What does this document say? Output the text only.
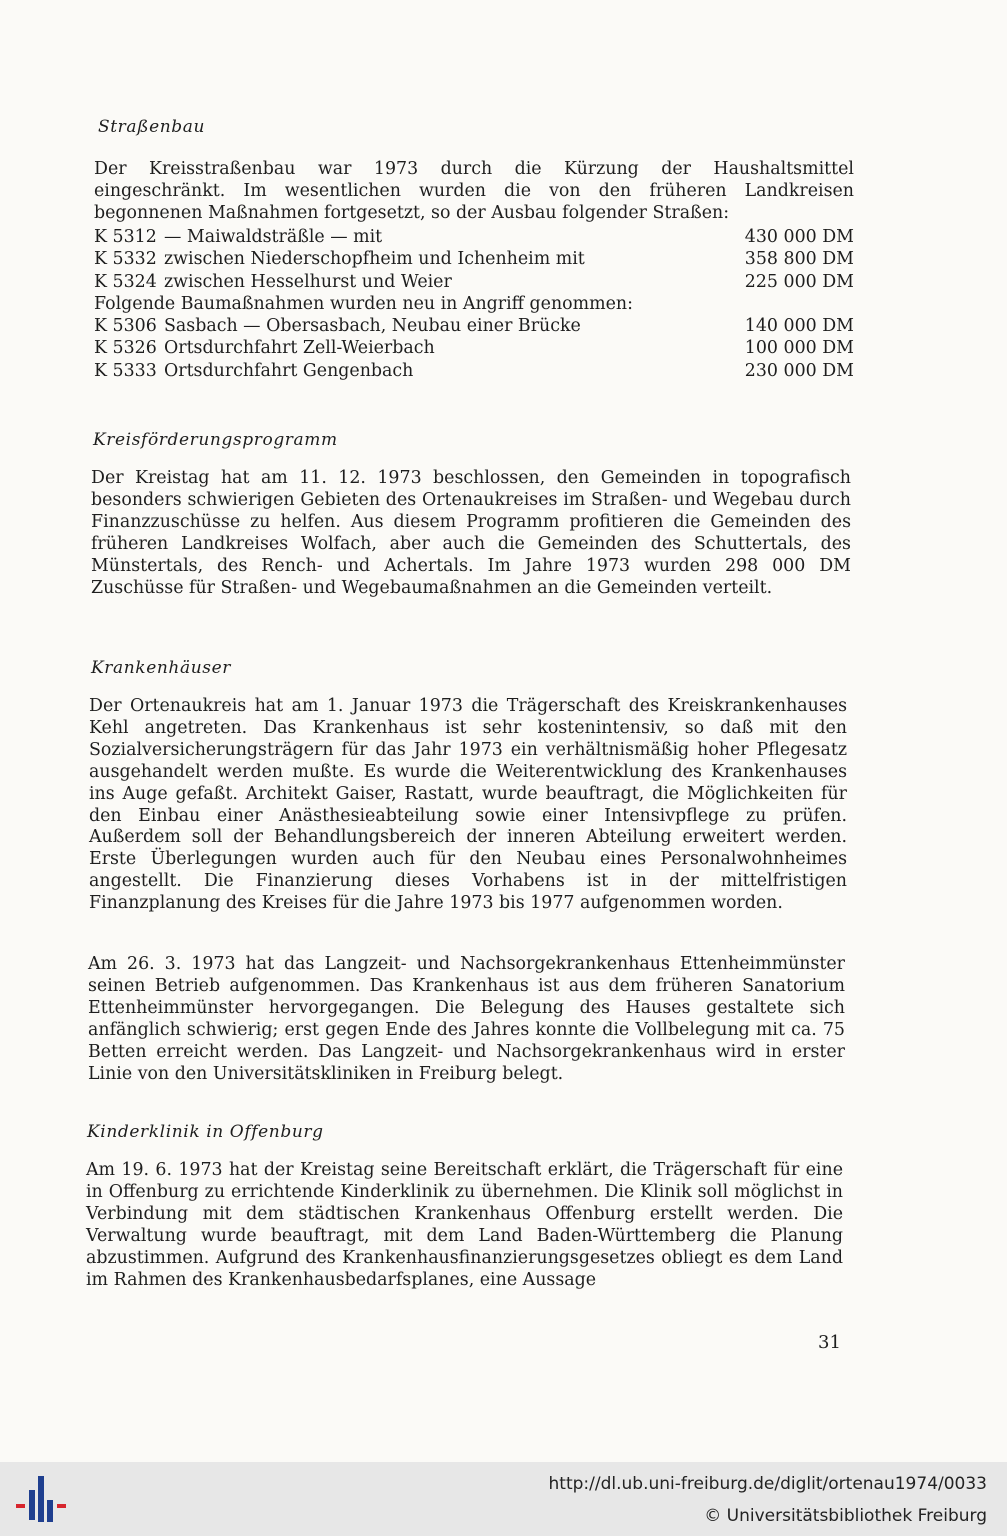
Straßenbau

Der Kreisstraßenbau war 1973 durch die Kürzung der Haushaltsmittel eingeschränkt. Im wesentlichen wurden die von den früheren Landkreisen begonnenen Maßnahmen fortgesetzt, so der Ausbau folgender Straßen:

K 5312 — Maiwaldsträßle — mit	430 000 DM
K 5332 zwischen Niederschopfheim und Ichenheim mit	358 800 DM
K 5324 zwischen Hesselhurst und Weier	225 000 DM
Folgende Baumaßnahmen wurden neu in Angriff genommen:
K 5306 Sasbach — Obersasbach, Neubau einer Brücke	140 000 DM
K 5326 Ortsdurchfahrt Zell-Weierbach	100 000 DM
K 5333 Ortsdurchfahrt Gengenbach	230 000 DM
Kreisförderungsprogramm

Der Kreistag hat am 11. 12. 1973 beschlossen, den Gemeinden in topografisch besonders schwierigen Gebieten des Ortenaukreises im Straßen- und Wegebau durch Finanzzuschüsse zu helfen. Aus diesem Programm profitieren die Gemeinden des früheren Landkreises Wolfach, aber auch die Gemeinden des Schuttertals, des Münstertals, des Rench- und Achertals. Im Jahre 1973 wurden 298 000 DM Zuschüsse für Straßen- und Wegebaumaßnahmen an die Gemeinden verteilt.

Krankenhäuser

Der Ortenaukreis hat am 1. Januar 1973 die Trägerschaft des Kreiskrankenhauses Kehl angetreten. Das Krankenhaus ist sehr kostenintensiv, so daß mit den Sozialversicherungsträgern für das Jahr 1973 ein verhältnismäßig hoher Pflegesatz ausgehandelt werden mußte. Es wurde die Weiterentwicklung des Krankenhauses ins Auge gefaßt. Architekt Gaiser, Rastatt, wurde beauftragt, die Möglichkeiten für den Einbau einer Anästhesieabteilung sowie einer Intensivpflege zu prüfen. Außerdem soll der Behandlungsbereich der inneren Abteilung erweitert werden. Erste Überlegungen wurden auch für den Neubau eines Personalwohnheimes angestellt. Die Finanzierung dieses Vorhabens ist in der mittelfristigen Finanzplanung des Kreises für die Jahre 1973 bis 1977 aufgenommen worden.

Am 26. 3. 1973 hat das Langzeit- und Nachsorgekrankenhaus Ettenheimmünster seinen Betrieb aufgenommen. Das Krankenhaus ist aus dem früheren Sanatorium Ettenheimmünster hervorgegangen. Die Belegung des Hauses gestaltete sich anfänglich schwierig; erst gegen Ende des Jahres konnte die Vollbelegung mit ca. 75 Betten erreicht werden. Das Langzeit- und Nachsorgekrankenhaus wird in erster Linie von den Universitätskliniken in Freiburg belegt.

Kinderklinik in Offenburg

Am 19. 6. 1973 hat der Kreistag seine Bereitschaft erklärt, die Trägerschaft für eine in Offenburg zu errichtende Kinderklinik zu übernehmen. Die Klinik soll möglichst in Verbindung mit dem städtischen Krankenhaus Offenburg erstellt werden. Die Verwaltung wurde beauftragt, mit dem Land Baden-Württemberg die Planung abzustimmen. Aufgrund des Krankenhausfinanzierungsgesetzes obliegt es dem Land im Rahmen des Krankenhausbedarfsplanes, eine Aussage

31

http://dl.ub.uni-freiburg.de/diglit/ortenau1974/0033
© Universitätsbibliothek Freiburg
